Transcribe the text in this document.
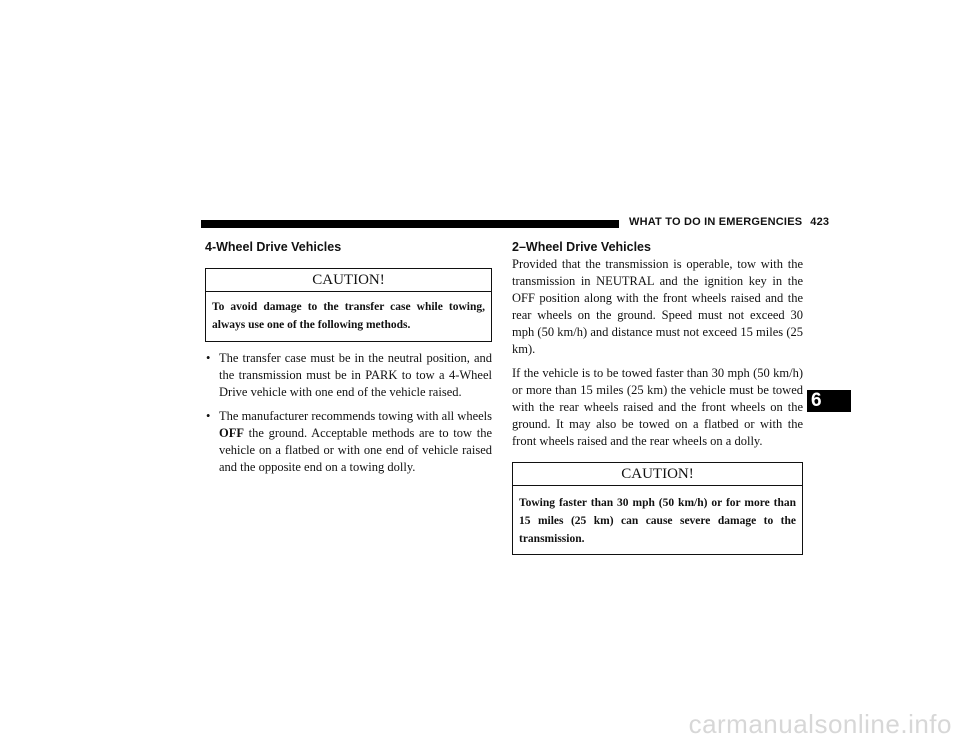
WHAT TO DO IN EMERGENCIES 423
4-Wheel Drive Vehicles
CAUTION!
To avoid damage to the transfer case while towing, always use one of the following methods.
• The transfer case must be in the neutral position, and the transmission must be in PARK to tow a 4-Wheel Drive vehicle with one end of the vehicle raised.
• The manufacturer recommends towing with all wheels OFF the ground. Acceptable methods are to tow the vehicle on a flatbed or with one end of vehicle raised and the opposite end on a towing dolly.
2–Wheel Drive Vehicles

Provided that the transmission is operable, tow with the transmission in NEUTRAL and the ignition key in the OFF position along with the front wheels raised and the rear wheels on the ground. Speed must not exceed 30 mph (50 km/h) and distance must not exceed 15 miles (25 km).

If the vehicle is to be towed faster than 30 mph (50 km/h) or more than 15 miles (25 km) the vehicle must be towed with the rear wheels raised and the front wheels on the ground. It may also be towed on a flatbed or with the front wheels raised and the rear wheels on a dolly.

CAUTION!
Towing faster than 30 mph (50 km/h) or for more than 15 miles (25 km) can cause severe damage to the transmission.
6
carmanualsonline.info
